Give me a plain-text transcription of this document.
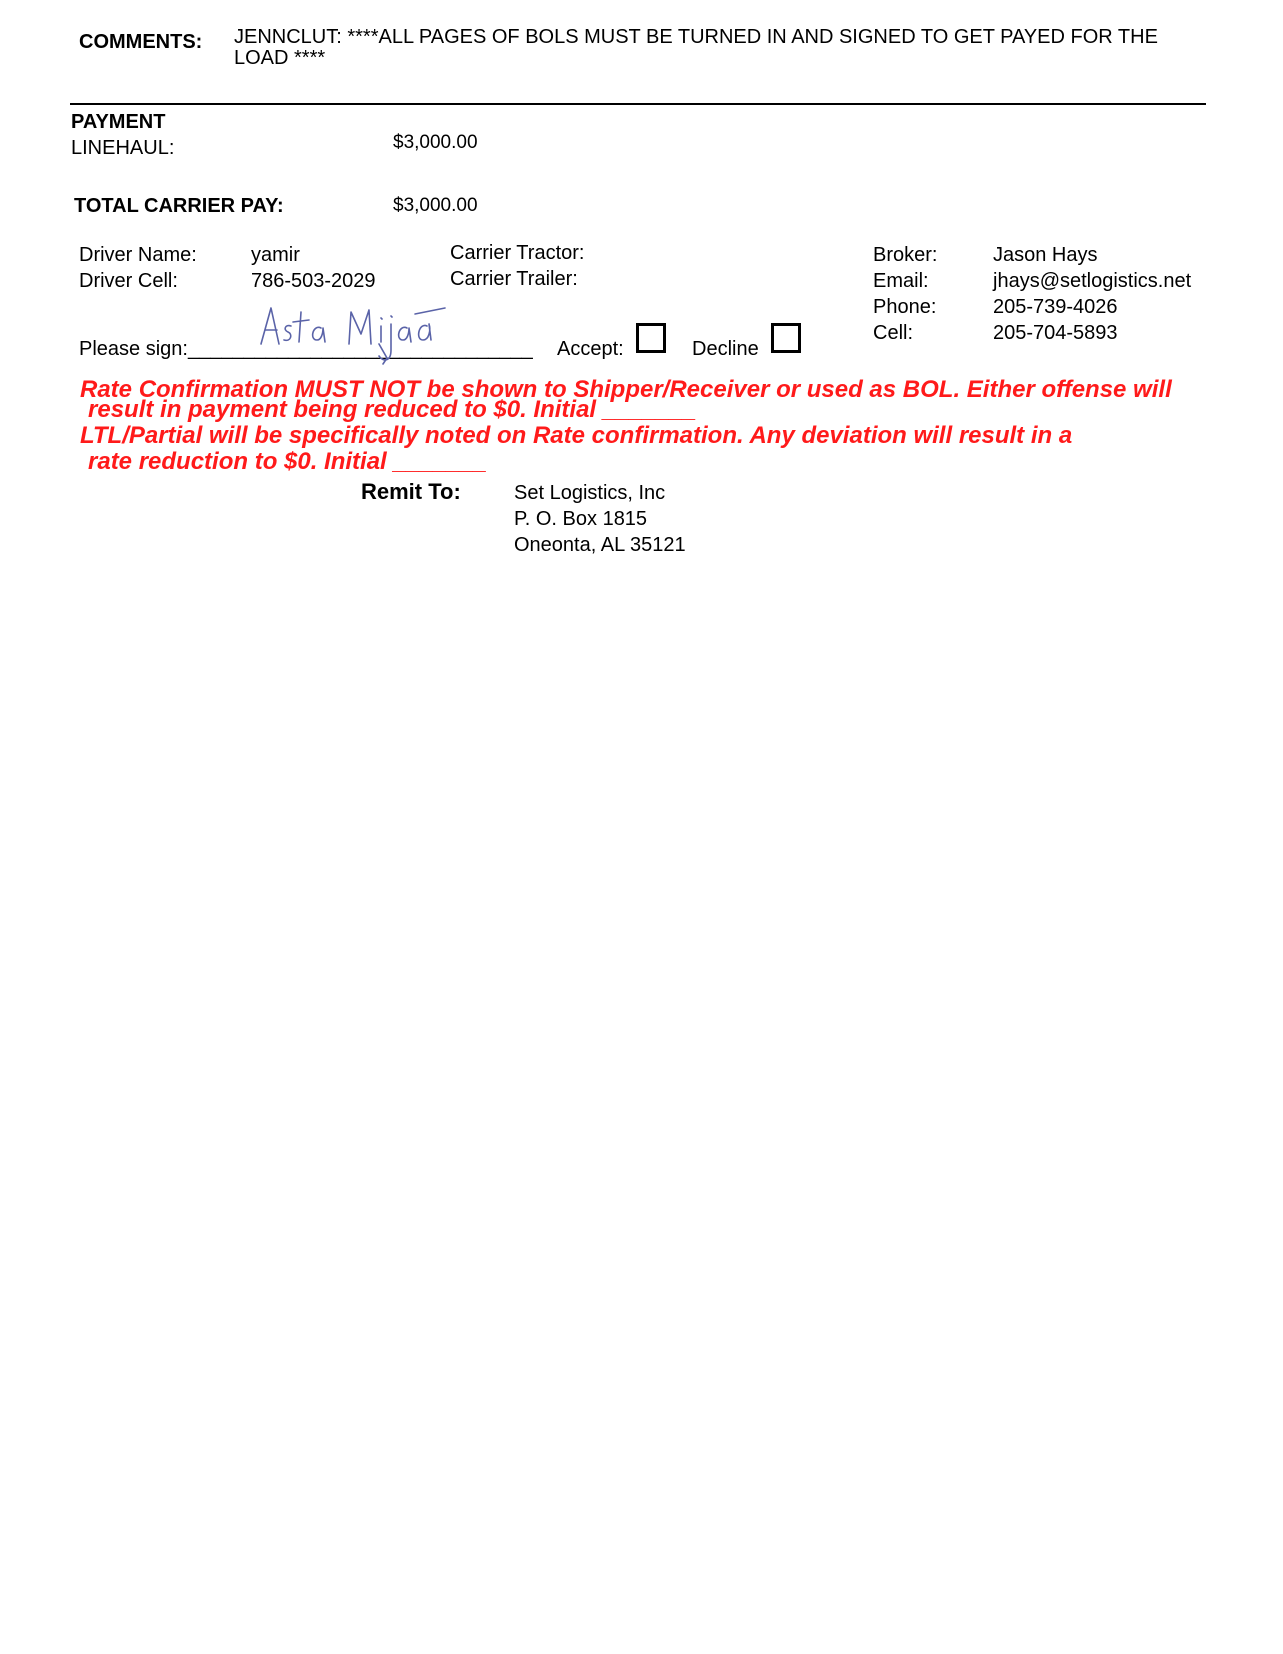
COMMENTS: JENNCLUT: ****ALL PAGES OF BOLS MUST BE TURNED IN AND SIGNED TO GET PAYED FOR THE
LOAD ****
PAYMENT
LINEHAUL:	$3,000.00
TOTAL CARRIER PAY:	$3,000.00
Driver Name:	yamir
Driver Cell:	786-503-2029
Carrier Tractor:
Carrier Trailer:
Broker:	Jason Hays
Email:	jhays@setlogistics.net
Phone:	205-739-4026
Cell:	205-704-5893
Please sign:_______________________________ Accept:	Decline
Rate Confirmation MUST NOT be shown to Shipper/Receiver or used as BOL. Either offense will
result in payment being reduced to $0. Initial _______
LTL/Partial will be specifically noted on Rate confirmation. Any deviation will result in a
rate reduction to $0. Initial _______
Remit To:	Set Logistics, Inc
P. O. Box 1815
Oneonta, AL 35121
